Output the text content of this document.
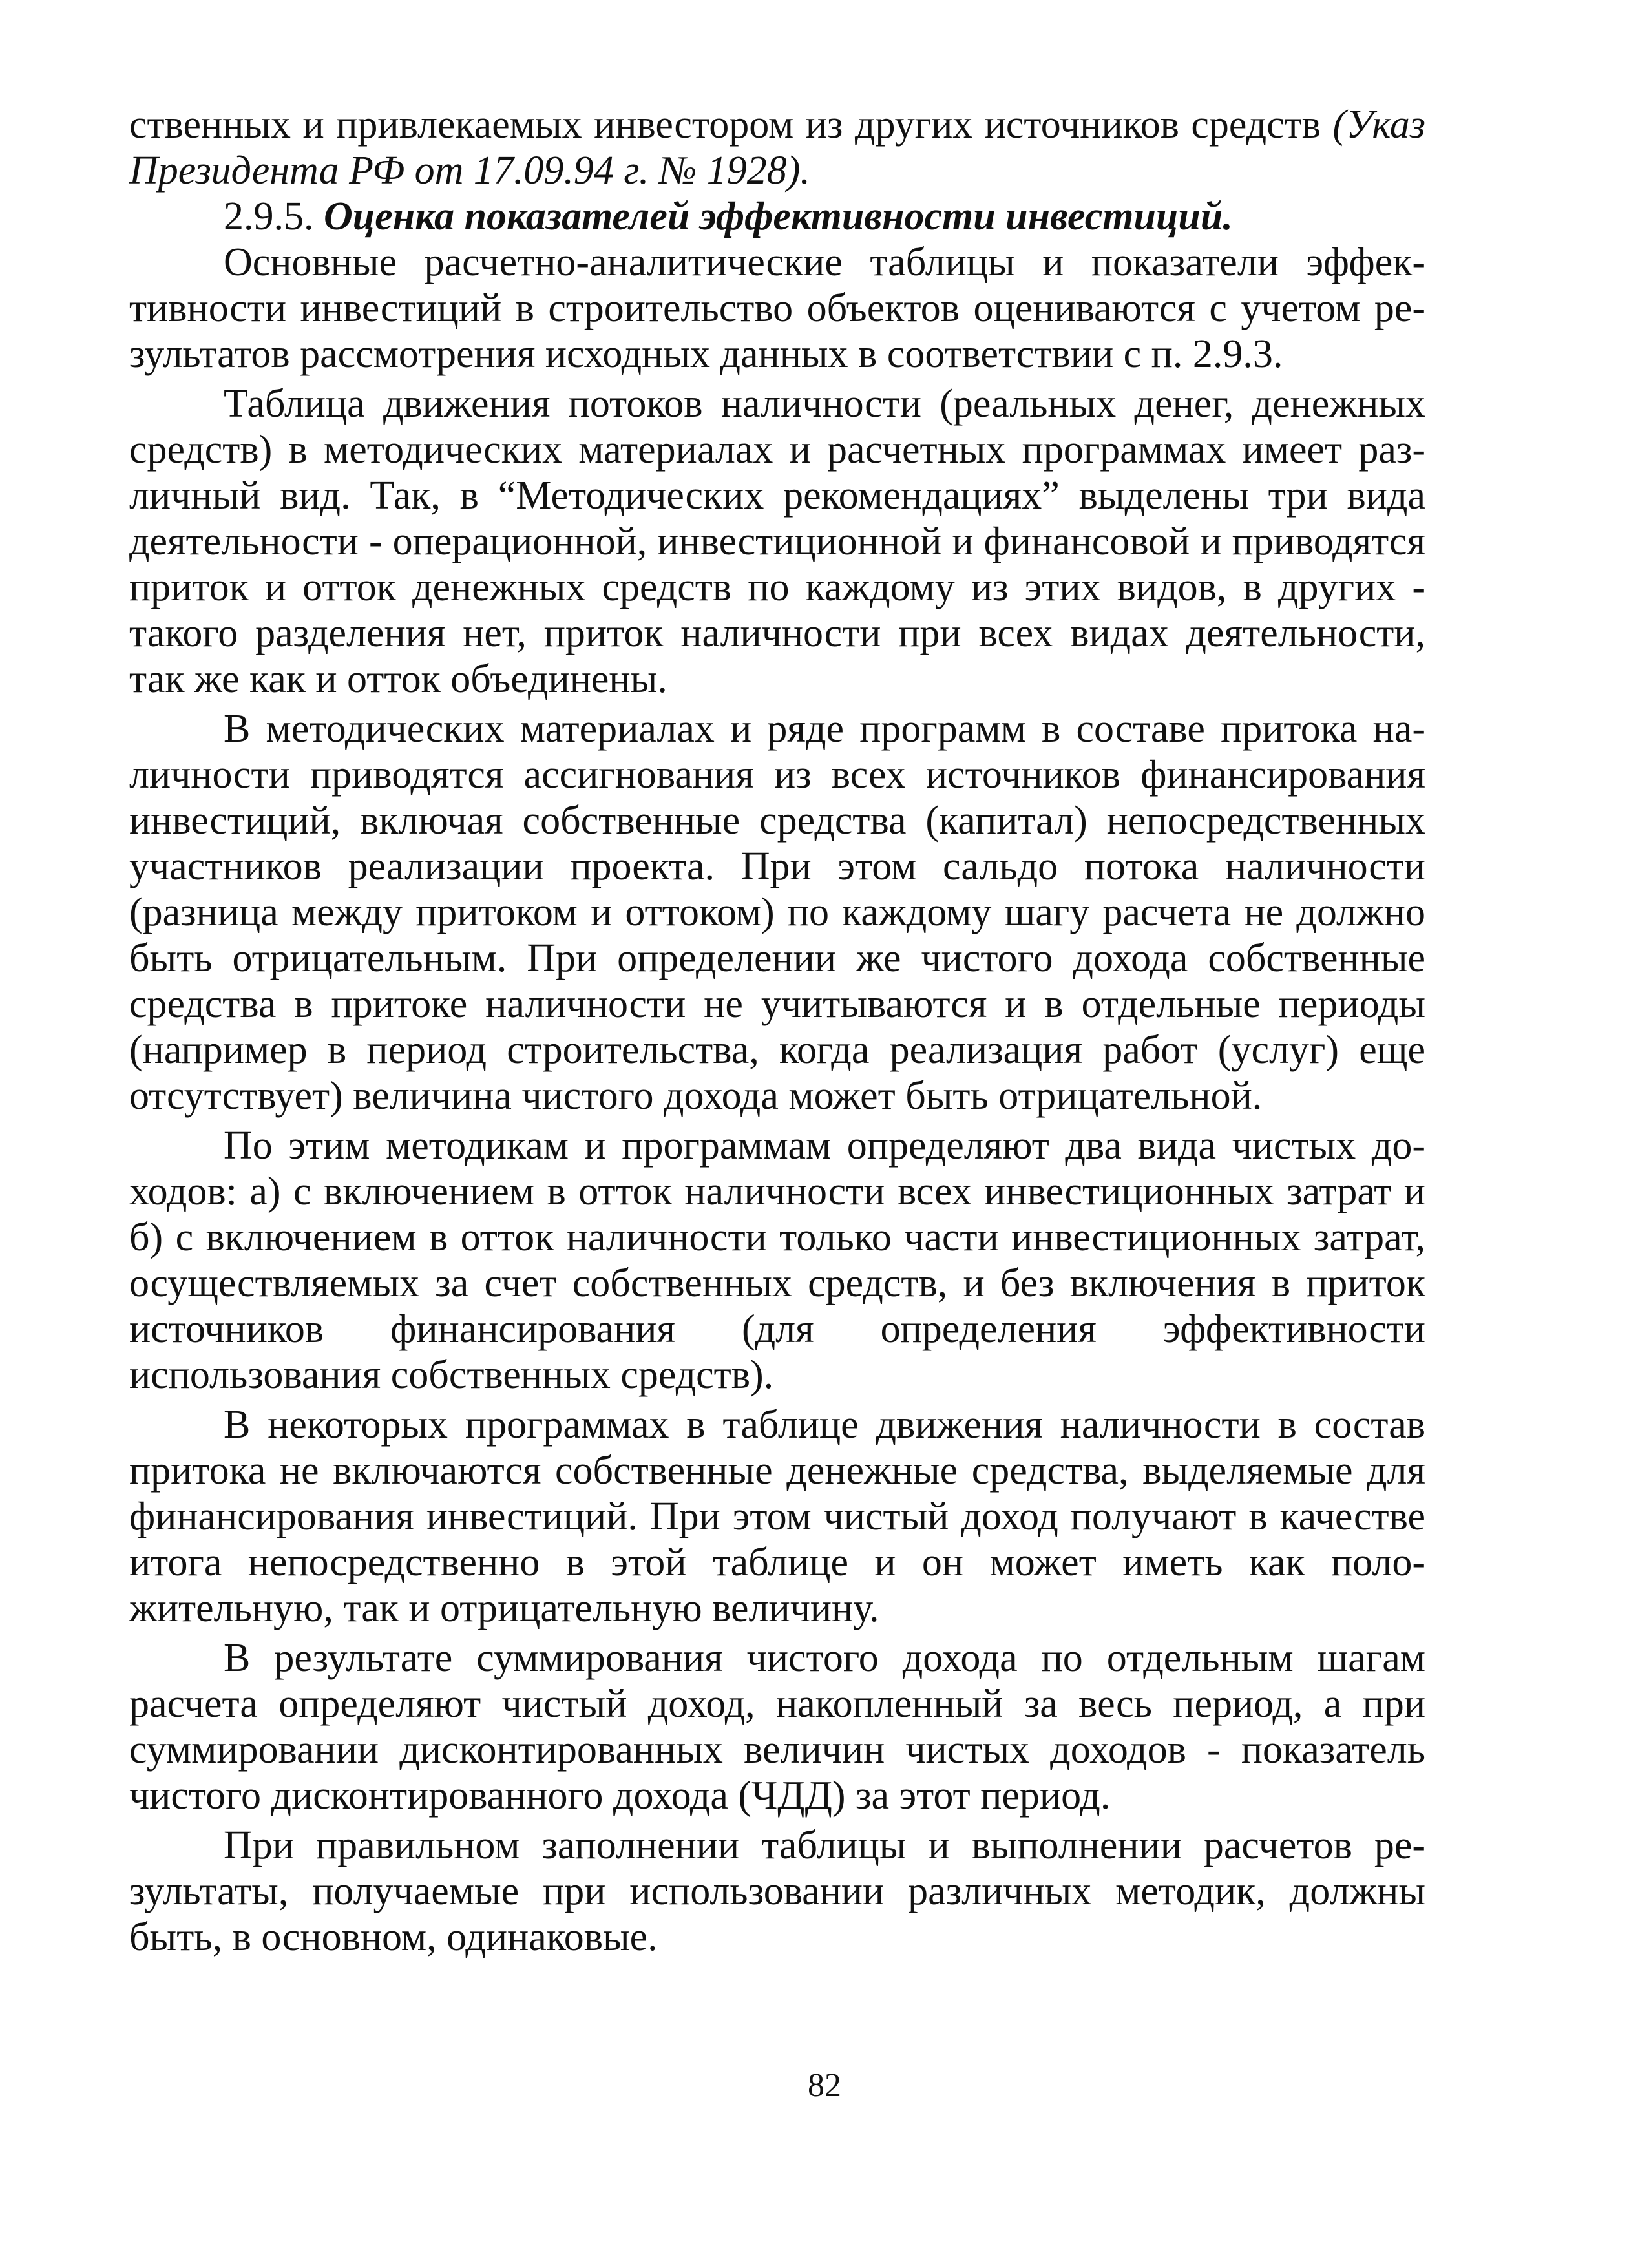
ственных и привлекаемых инвестором из других источников средств (Указ Президента РФ от 17.09.94 г. № 1928).

2.9.5. Оценка показателей эффективности инвестиций.

Основные расчетно-аналитические таблицы и показатели эффективности инвестиций в строительство объектов оцениваются с учетом результатов рассмотрения исходных данных в соответствии с п. 2.9.3.

Таблица движения потоков наличности (реальных денег, денежных средств) в методических материалах и расчетных программах имеет различный вид. Так, в “Методических рекомендациях” выделены три вида деятельности - операционной, инвестиционной и финансовой и приводятся приток и отток денежных средств по каждому из этих видов, в других - такого разделения нет, приток наличности при всех видах деятельности, так же как и отток объединены.

В методических материалах и ряде программ в составе притока наличности приводятся ассигнования из всех источников финансирования инвестиций, включая собственные средства (капитал) непосредственных участников реализации проекта. При этом сальдо потока наличности (разница между притоком и оттоком) по каждому шагу расчета не должно быть отрицательным. При определении же чистого дохода собственные средства в притоке наличности не учитываются и в отдельные периоды (например в период строительства, когда реализация работ (услуг) еще отсутствует) величина чистого дохода может быть отрицательной.

По этим методикам и программам определяют два вида чистых доходов: а) с включением в отток наличности всех инвестиционных затрат и б) с включением в отток наличности только части инвестиционных затрат, осуществляемых за счет собственных средств, и без включения в приток источников финансирования (для определения эффективности использования собственных средств).

В некоторых программах в таблице движения наличности в состав притока не включаются собственные денежные средства, выделяемые для финансирования инвестиций. При этом чистый доход получают в качестве итога непосредственно в этой таблице и он может иметь как положительную, так и отрицательную величину.

В результате суммирования чистого дохода по отдельным шагам расчета определяют чистый доход, накопленный за весь период, а при суммировании дисконтированных величин чистых доходов - показатель чистого дисконтированного дохода (ЧДД) за этот период.

При правильном заполнении таблицы и выполнении расчетов результаты, получаемые при использовании различных методик, должны быть, в основном, одинаковые.

82
